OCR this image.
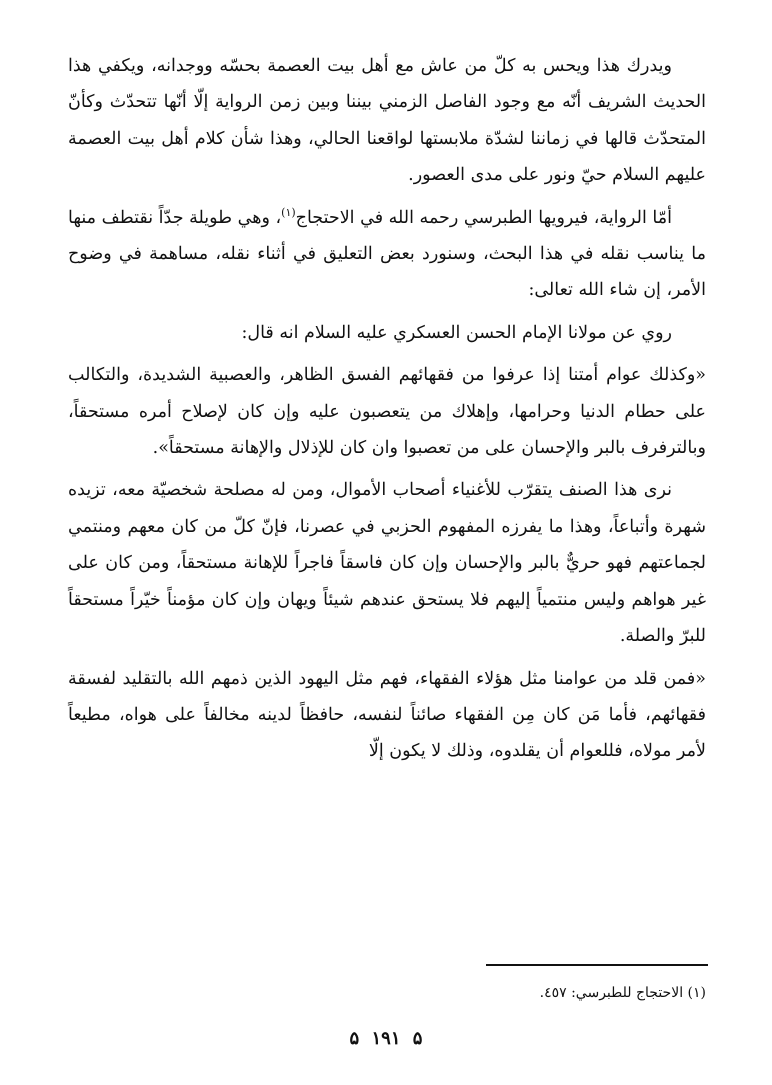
ويدرك هذا ويحس به كلّ من عاش مع أهل بيت العصمة بحسّه ووجدانه، ويكفي هذا الحديث الشريف أنّه مع وجود الفاصل الزمني بيننا وبين زمن الرواية إلّا أنّها تتحدّث وكأنّ المتحدّث قالها في زماننا لشدّة ملابستها لواقعنا الحالي، وهذا شأن كلام أهل بيت العصمة عليهم السلام حيّ ونور على مدى العصور.

أمّا الرواية، فيرويها الطبرسي رحمه الله في الاحتجاج$^{(١)}$، وهي طويلة جدّاً نقتطف منها ما يناسب نقله في هذا البحث، وسنورد بعض التعليق في أثناء نقله، مساهمة في وضوح الأمر، إن شاء الله تعالى:

روي عن مولانا الإمام الحسن العسكري عليه السلام انه قال:

«وكذلك عوام أمتنا إذا عرفوا من فقهائهم الفسق الظاهر، والعصبية الشديدة، والتكالب على حطام الدنيا وحرامها، وإهلاك من يتعصبون عليه وإن كان لإصلاح أمره مستحقاً، وبالترفرف بالبر والإحسان على من تعصبوا وان كان للإذلال والإهانة مستحقاً».

نرى هذا الصنف يتقرّب للأغنياء أصحاب الأموال، ومن له مصلحة شخصيّة معه، تزيده شهرة وأتباعاً، وهذا ما يفرزه المفهوم الحزبي في عصرنا، فإنّ كلّ من كان معهم ومنتمي لجماعتهم فهو حريٌّ بالبر والإحسان وإن كان فاسقاً فاجراً للإهانة مستحقاً، ومن كان على غير هواهم وليس منتمياً إليهم فلا يستحق عندهم شيئاً ويهان وإن كان مؤمناً خيّراً مستحقاً للبرّ والصلة.

«فمن قلد من عوامنا مثل هؤلاء الفقهاء، فهم مثل اليهود الذين ذمهم الله بالتقليد لفسقة فقهائهم، فأما مَن كان مِن الفقهاء صائناً لنفسه، حافظاً لدينه مخالفاً على هواه، مطيعاً لأمر مولاه، فللعوام أن يقلدوه، وذلك لا يكون إلّا

(١) الاحتجاج للطبرسي: ٤٥٧.
۵ ١٩١ ۵
